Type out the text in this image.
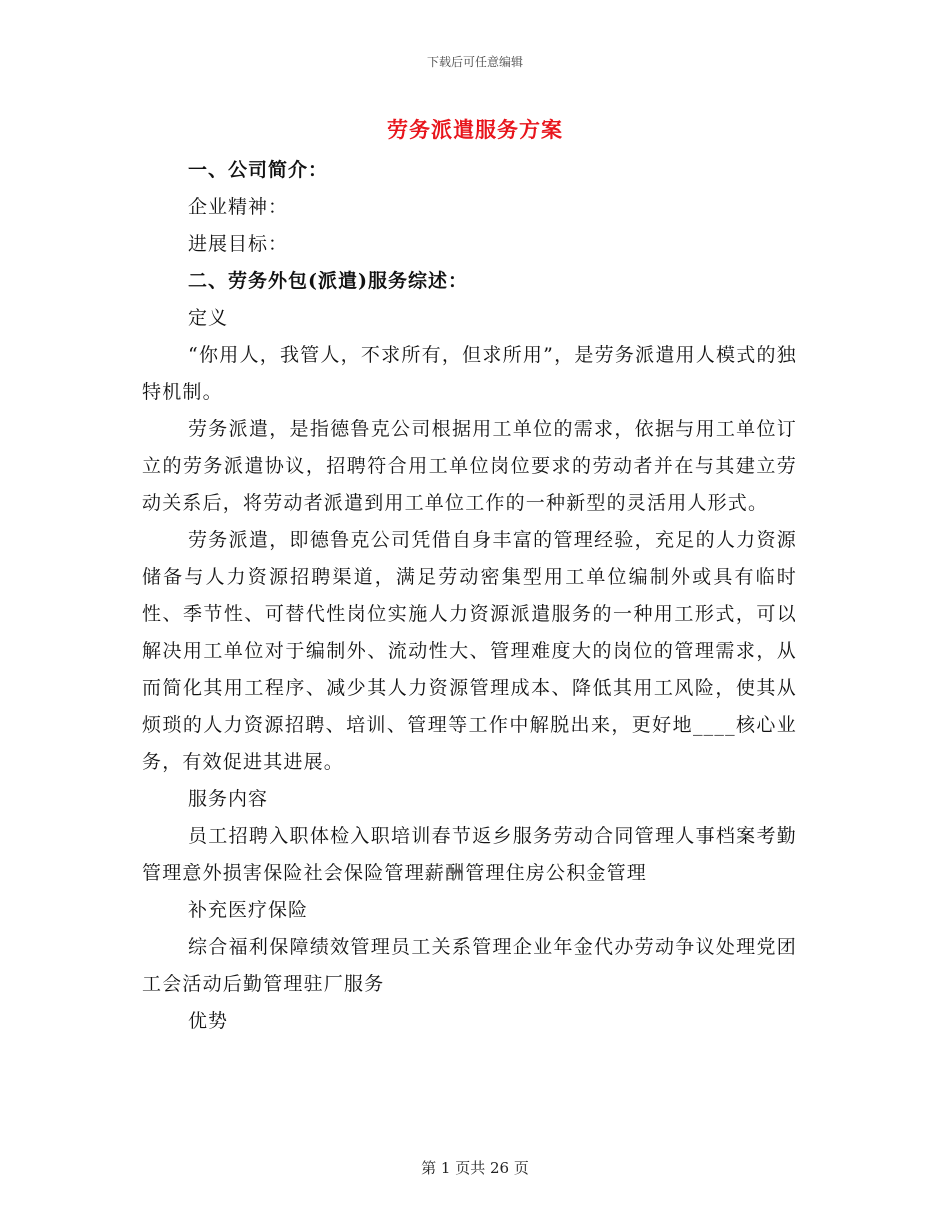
下载后可任意编辑
劳务派遣服务方案
一、公司简介：
企业精神：
进展目标：
二、劳务外包(派遣)服务综述：
定义

“你用人，我管人，不求所有，但求所用”，是劳务派遣用人模式的独特机制。

劳务派遣，是指德鲁克公司根据用工单位的需求，依据与用工单位订立的劳务派遣协议，招聘符合用工单位岗位要求的劳动者并在与其建立劳动关系后，将劳动者派遣到用工单位工作的一种新型的灵活用人形式。

劳务派遣，即德鲁克公司凭借自身丰富的管理经验，充足的人力资源储备与人力资源招聘渠道，满足劳动密集型用工单位编制外或具有临时性、季节性、可替代性岗位实施人力资源派遣服务的一种用工形式，可以解决用工单位对于编制外、流动性大、管理难度大的岗位的管理需求，从而简化其用工程序、减少其人力资源管理成本、降低其用工风险，使其从烦琐的人力资源招聘、培训、管理等工作中解脱出来，更好地____核心业务，有效促进其进展。

服务内容

员工招聘入职体检入职培训春节返乡服务劳动合同管理人事档案考勤管理意外损害保险社会保险管理薪酬管理住房公积金管理

补充医疗保险

综合福利保障绩效管理员工关系管理企业年金代办劳动争议处理党团工会活动后勤管理驻厂服务

优势
第 1 页共 26 页
